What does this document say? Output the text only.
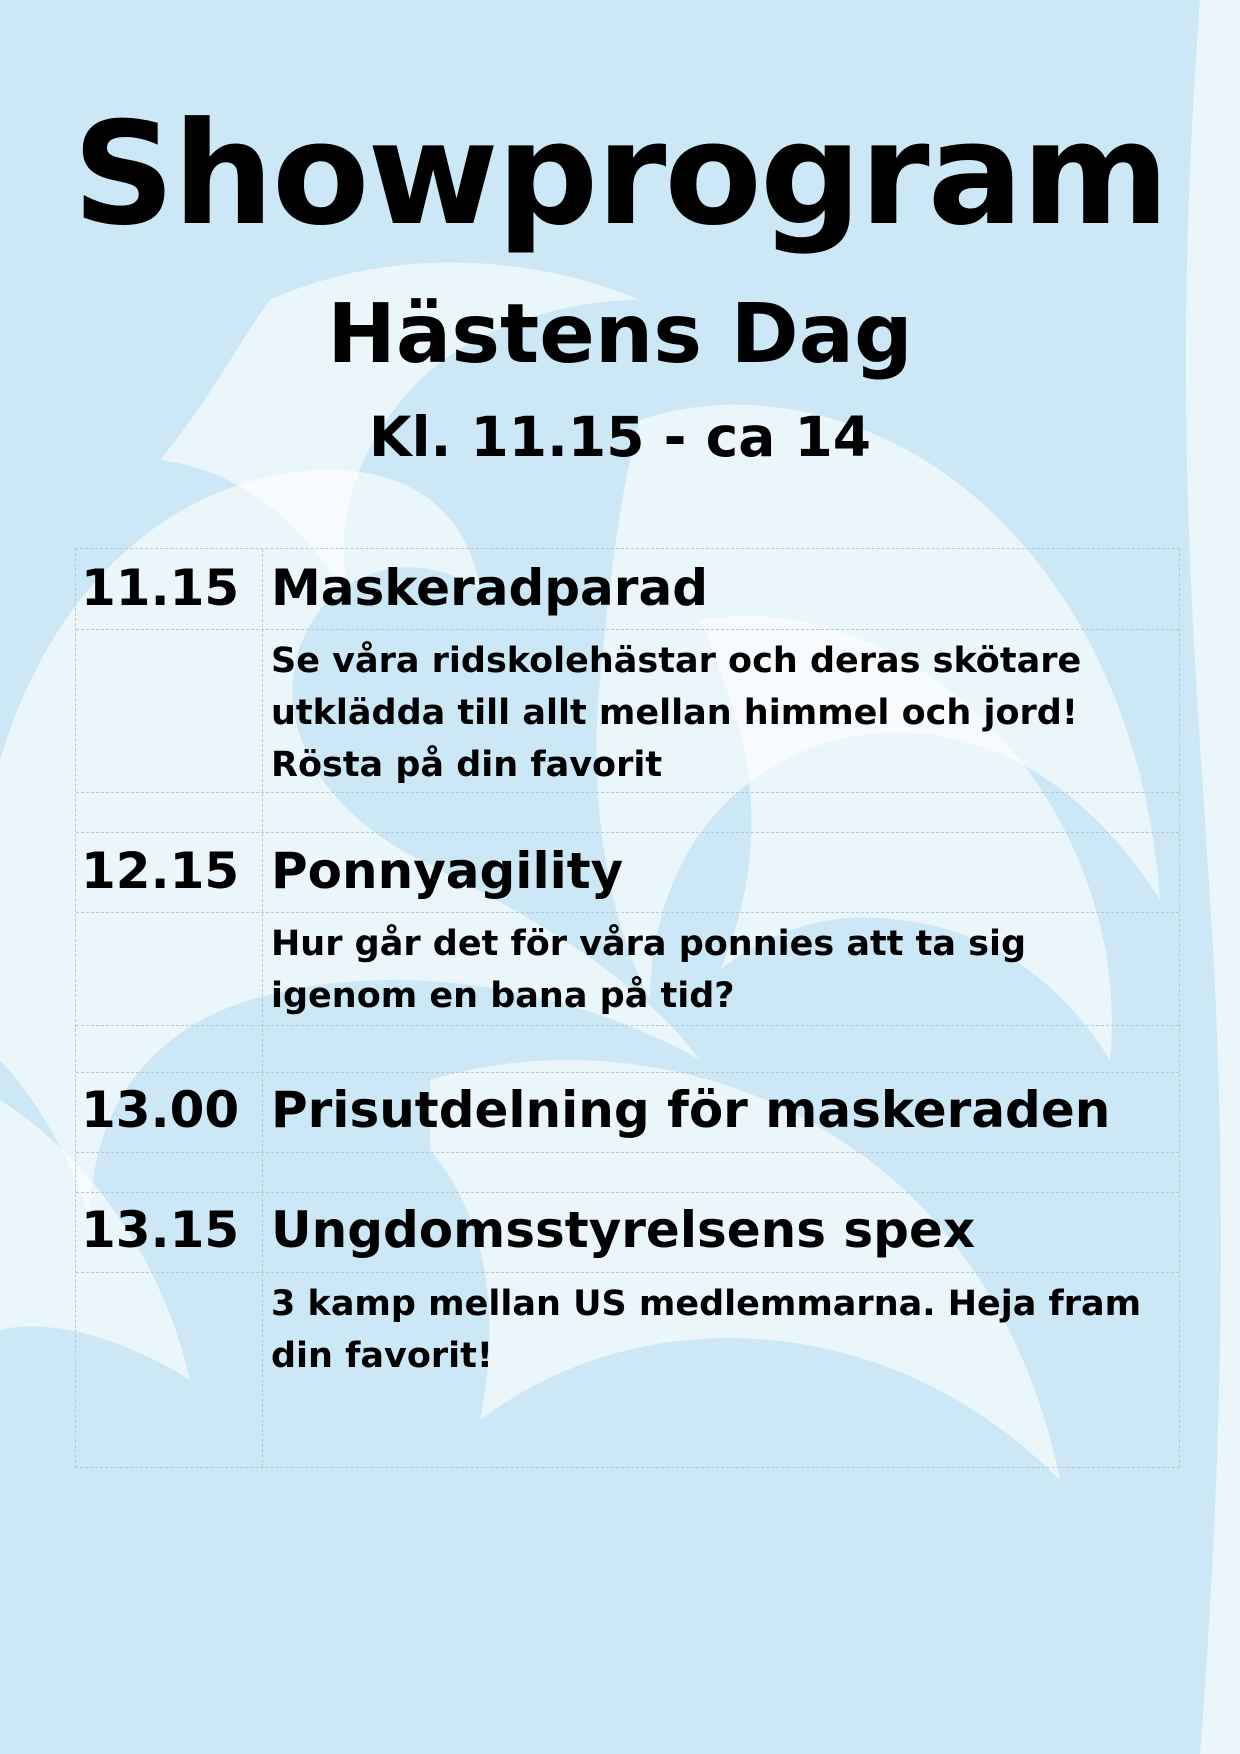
Showprogram
Hästens Dag
Kl. 11.15 - ca 14
11.15 Maskeradparad
Se våra ridskolehästar och deras skötare
utklädda till allt mellan himmel och jord!
Rösta på din favorit
12.15 Ponnyagility
Hur går det för våra ponnies att ta sig
igenom en bana på tid?
13.00 Prisutdelning för maskeraden
13.15 Ungdomsstyrelsens spex
3 kamp mellan US medlemmarna. Heja fram
din favorit!
